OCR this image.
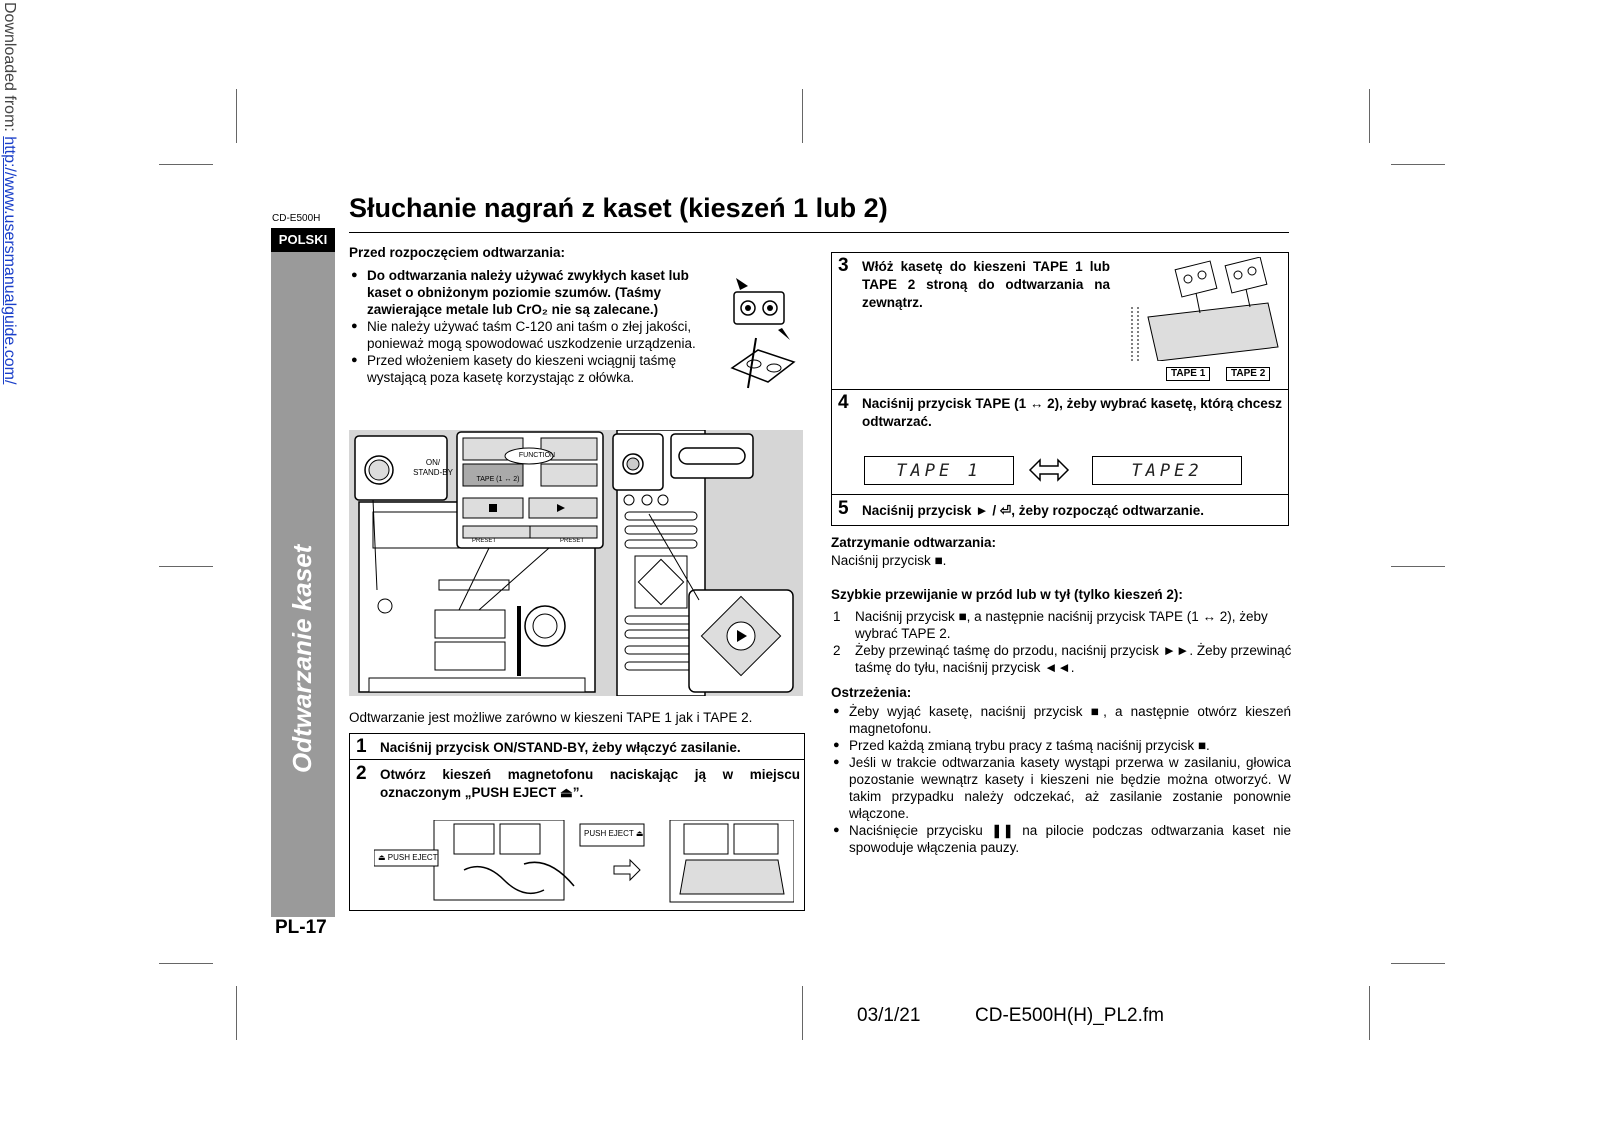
Downloaded from: http://www.usersmanualguide.com/	CD-E500H Słuchanie nagrań z kaset (kieszeń 1 lub 2)
POLSKI
Odtwarzanie kaset
PL-17
Przed rozpoczęciem odtwarzania:
● Do odtwarzania należy używać zwykłych kaset lub kaset o obniżonym poziomie szumów. (Taśmy zawierające metale lub CrO₂ nie są zalecane.)
● Nie należy używać taśm C-120 ani taśm o złej jakości, ponieważ mogą spowodować uszkodzenie urządzenia.
● Przed włożeniem kasety do kieszeni wciągnij taśmę wystającą poza kasetę korzystając z ołówka.
ON/ STAND-BY
FUNCTION
TAPE (1 ↔ 2)
PRESET	PRESET
Odtwarzanie jest możliwe zarówno w kieszeni TAPE 1 jak i TAPE 2.
1 Naciśnij przycisk ON/STAND-BY, żeby włączyć zasilanie.
2 Otwórz kieszeń magnetofonu naciskając ją w miejscu oznaczonym „PUSH EJECT ⏏”.
⏏ PUSH EJECT
PUSH EJECT ⏏
3 Włóż kasetę do kieszeni TAPE 1 lub TAPE 2 stroną do odtwarzania na zewnątrz.
TAPE 1	TAPE 2
4 Naciśnij przycisk TAPE (1 ↔ 2), żeby wybrać kasetę, którą chcesz odtwarzać.
TAPE 1	TAPE2
5 Naciśnij przycisk ► / ⏎, żeby rozpocząć odtwarzanie.
Zatrzymanie odtwarzania:
Naciśnij przycisk ■.
Szybkie przewijanie w przód lub w tył (tylko kieszeń 2):
1 Naciśnij przycisk ■, a następnie naciśnij przycisk TAPE (1 ↔ 2), żeby wybrać TAPE 2.
2 Żeby przewinąć taśmę do przodu, naciśnij przycisk ►►. Żeby przewinąć taśmę do tyłu, naciśnij przycisk ◄◄.
Ostrzeżenia:
● Żeby wyjąć kasetę, naciśnij przycisk ■, a następnie otwórz kieszeń magnetofonu.
● Przed każdą zmianą trybu pracy z taśmą naciśnij przycisk ■.
● Jeśli w trakcie odtwarzania kasety wystąpi przerwa w zasilaniu, głowica pozostanie wewnątrz kasety i kieszeni nie będzie można otworzyć. W takim przypadku należy odczekać, aż zasilanie zostanie ponownie włączone.
● Naciśnięcie przycisku ❚❚ na pilocie podczas odtwarzania kaset nie spowoduje włączenia pauzy.
03/1/21	CD-E500H(H)_PL2.fm
